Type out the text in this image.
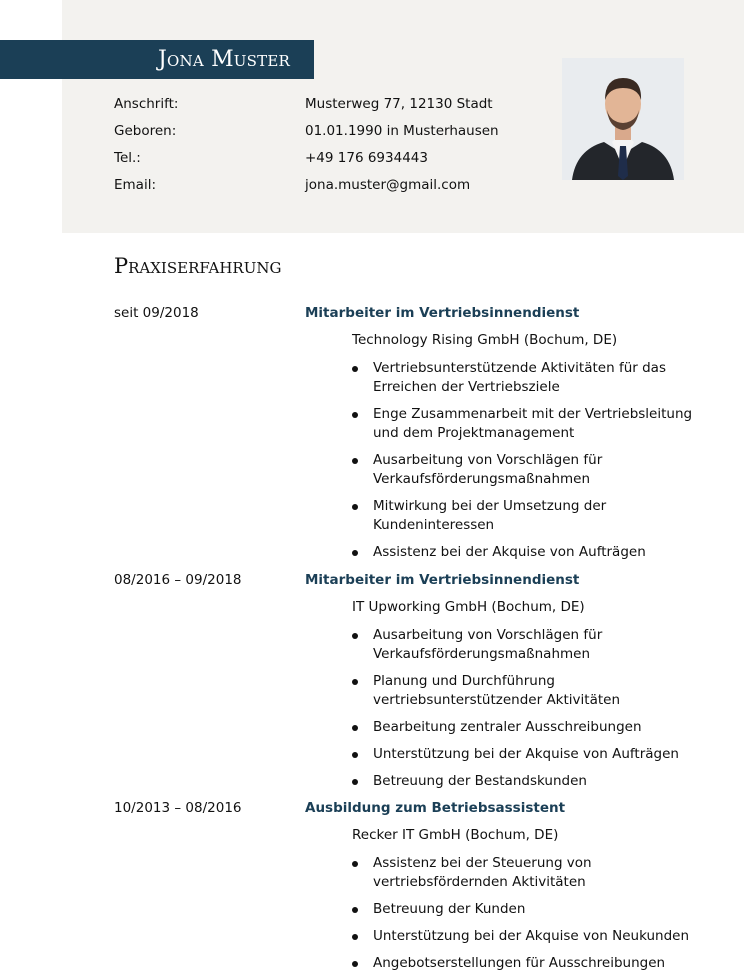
Jona Muster
Anschrift:	Musterweg 77, 12130 Stadt
Geboren:	01.01.1990 in Musterhausen
Tel.:	+49 176 6934443
Email:	jona.muster@gmail.com
Praxiserfahrung
seit 09/2018	Mitarbeiter im Vertriebsinnendienst
Technology Rising GmbH (Bochum, DE)
Vertriebsunterstützende Aktivitäten für das
Erreichen der Vertriebsziele
Enge Zusammenarbeit mit der Vertriebsleitung
und dem Projektmanagement
Ausarbeitung von Vorschlägen für
Verkaufsförderungsmaßnahmen
Mitwirkung bei der Umsetzung der
Kundeninteressen
Assistenz bei der Akquise von Aufträgen
08/2016 – 09/2018	Mitarbeiter im Vertriebsinnendienst
IT Upworking GmbH (Bochum, DE)
Ausarbeitung von Vorschlägen für
Verkaufsförderungsmaßnahmen
Planung und Durchführung
vertriebsunterstützender Aktivitäten
Bearbeitung zentraler Ausschreibungen
Unterstützung bei der Akquise von Aufträgen
Betreuung der Bestandskunden
10/2013 – 08/2016	Ausbildung zum Betriebsassistent
Recker IT GmbH (Bochum, DE)
Assistenz bei der Steuerung von
vertriebsfördernden Aktivitäten
Betreuung der Kunden
Unterstützung bei der Akquise von Neukunden
Angebotserstellungen für Ausschreibungen
